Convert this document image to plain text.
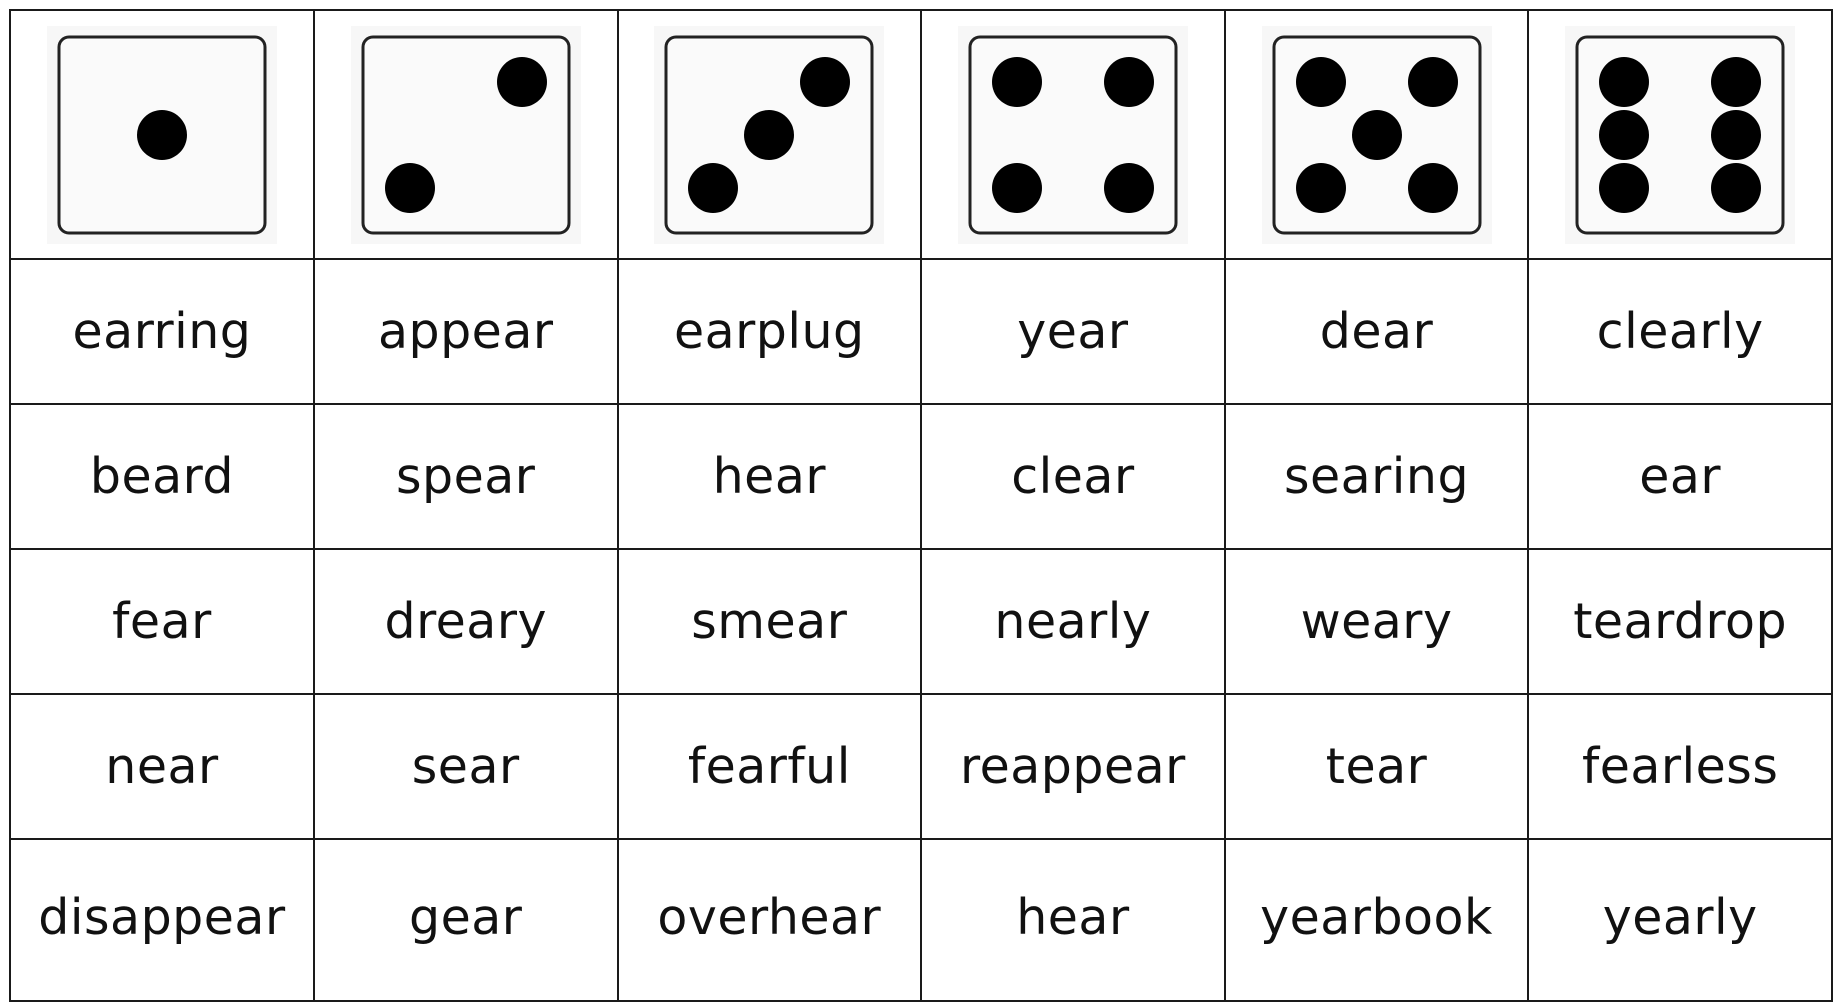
earring	appear	earplug	year	dear	clearly
beard	spear	hear	clear	searing	ear
fear	dreary	smear	nearly	weary	teardrop
near	sear	fearful	reappear	tear	fearless

disappear	gear	overhear	hear	yearbook	yearly
